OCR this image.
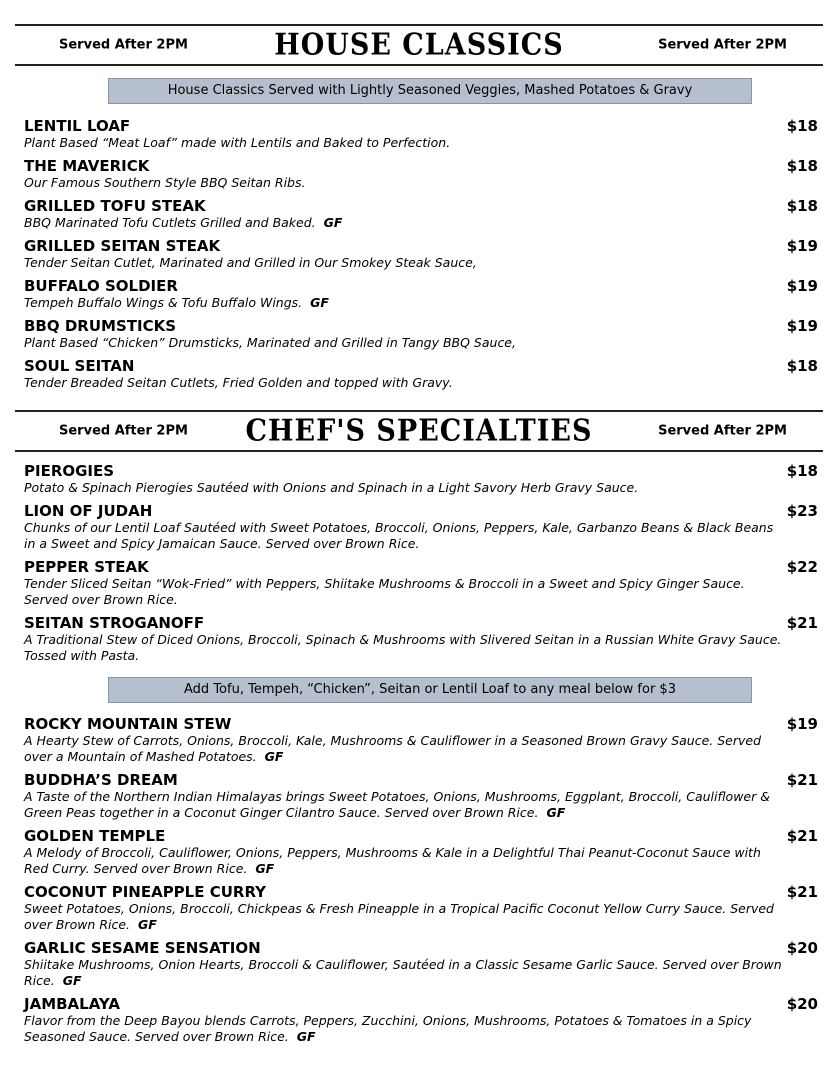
Served After 2PM	HOUSE CLASSICS	Served After 2PM
House Classics Served with Lightly Seasoned Veggies, Mashed Potatoes & Gravy
LENTIL LOAF	$18
Plant Based “Meat Loaf” made with Lentils and Baked to Perfection.
THE MAVERICK	$18
Our Famous Southern Style BBQ Seitan Ribs.
GRILLED TOFU STEAK	$18
BBQ Marinated Tofu Cutlets Grilled and Baked. GF
GRILLED SEITAN STEAK	$19
Tender Seitan Cutlet, Marinated and Grilled in Our Smokey Steak Sauce,
BUFFALO SOLDIER	$19
Tempeh Buffalo Wings & Tofu Buffalo Wings. GF
BBQ DRUMSTICKS	$19
Plant Based “Chicken” Drumsticks, Marinated and Grilled in Tangy BBQ Sauce,
SOUL SEITAN	$18
Tender Breaded Seitan Cutlets, Fried Golden and topped with Gravy.
Served After 2PM	CHEF'S SPECIALTIES	Served After 2PM
PIEROGIES	$18
Potato & Spinach Pierogies Sautéed with Onions and Spinach in a Light Savory Herb Gravy Sauce.
LION OF JUDAH	$23
Chunks of our Lentil Loaf Sautéed with Sweet Potatoes, Broccoli, Onions, Peppers, Kale, Garbanzo Beans & Black Beans in a Sweet and Spicy Jamaican Sauce. Served over Brown Rice.
PEPPER STEAK	$22
Tender Sliced Seitan “Wok-Fried” with Peppers, Shiitake Mushrooms & Broccoli in a Sweet and Spicy Ginger Sauce. Served over Brown Rice.
SEITAN STROGANOFF	$21
A Traditional Stew of Diced Onions, Broccoli, Spinach & Mushrooms with Slivered Seitan in a Russian White Gravy Sauce. Tossed with Pasta.
Add Tofu, Tempeh, “Chicken”, Seitan or Lentil Loaf to any meal below for $3
ROCKY MOUNTAIN STEW	$19
A Hearty Stew of Carrots, Onions, Broccoli, Kale, Mushrooms & Cauliflower in a Seasoned Brown Gravy Sauce. Served over a Mountain of Mashed Potatoes. GF
BUDDHA’S DREAM	$21
A Taste of the Northern Indian Himalayas brings Sweet Potatoes, Onions, Mushrooms, Eggplant, Broccoli, Cauliflower & Green Peas together in a Coconut Ginger Cilantro Sauce. Served over Brown Rice. GF
GOLDEN TEMPLE	$21
A Melody of Broccoli, Cauliflower, Onions, Peppers, Mushrooms & Kale in a Delightful Thai Peanut-Coconut Sauce with Red Curry. Served over Brown Rice. GF
COCONUT PINEAPPLE CURRY	$21
Sweet Potatoes, Onions, Broccoli, Chickpeas & Fresh Pineapple in a Tropical Pacific Coconut Yellow Curry Sauce. Served over Brown Rice. GF
GARLIC SESAME SENSATION	$20
Shiitake Mushrooms, Onion Hearts, Broccoli & Cauliflower, Sautéed in a Classic Sesame Garlic Sauce. Served over Brown Rice. GF
JAMBALAYA	$20
Flavor from the Deep Bayou blends Carrots, Peppers, Zucchini, Onions, Mushrooms, Potatoes & Tomatoes in a Spicy Seasoned Sauce. Served over Brown Rice. GF
